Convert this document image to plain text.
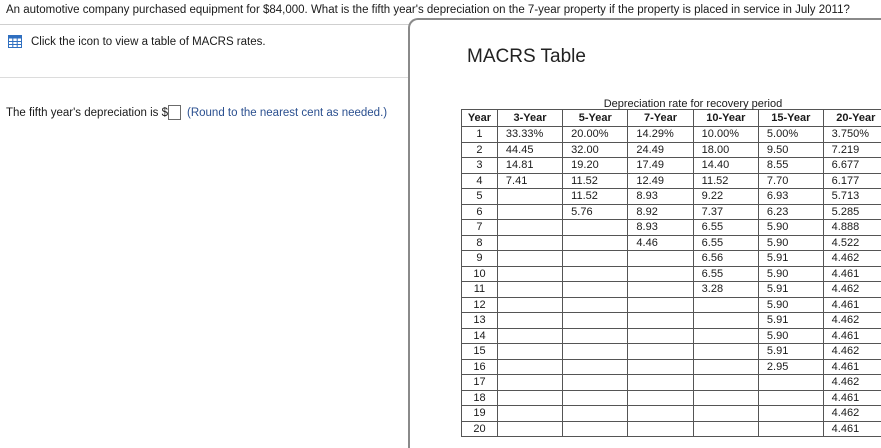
An automotive company purchased equipment for $84,000. What is the fifth year's depreciation on the 7-year property if the property is placed in service in July 2011?
Click the icon to view a table of MACRS rates.
The fifth year's depreciation is $ (Round to the nearest cent as needed.)
MACRS Table
	Depreciation rate for recovery period					
Year	3-Year	5-Year	7-Year	10-Year	15-Year	20-Year
1	33.33%	20.00%	14.29%	10.00%	5.00%	3.750%
2	44.45	32.00	24.49	18.00	9.50	7.219
3	14.81	19.20	17.49	14.40	8.55	6.677
4	7.41	11.52	12.49	11.52	7.70	6.177
5		11.52	8.93	9.22	6.93	5.713
6		5.76	8.92	7.37	6.23	5.285
7			8.93	6.55	5.90	4.888
8			4.46	6.55	5.90	4.522
9				6.56	5.91	4.462
10				6.55	5.90	4.461
11				3.28	5.91	4.462
12					5.90	4.461
13					5.91	4.462
14					5.90	4.461
15					5.91	4.462
16					2.95	4.461
17						4.462
18						4.461
19						4.462
20						4.461
